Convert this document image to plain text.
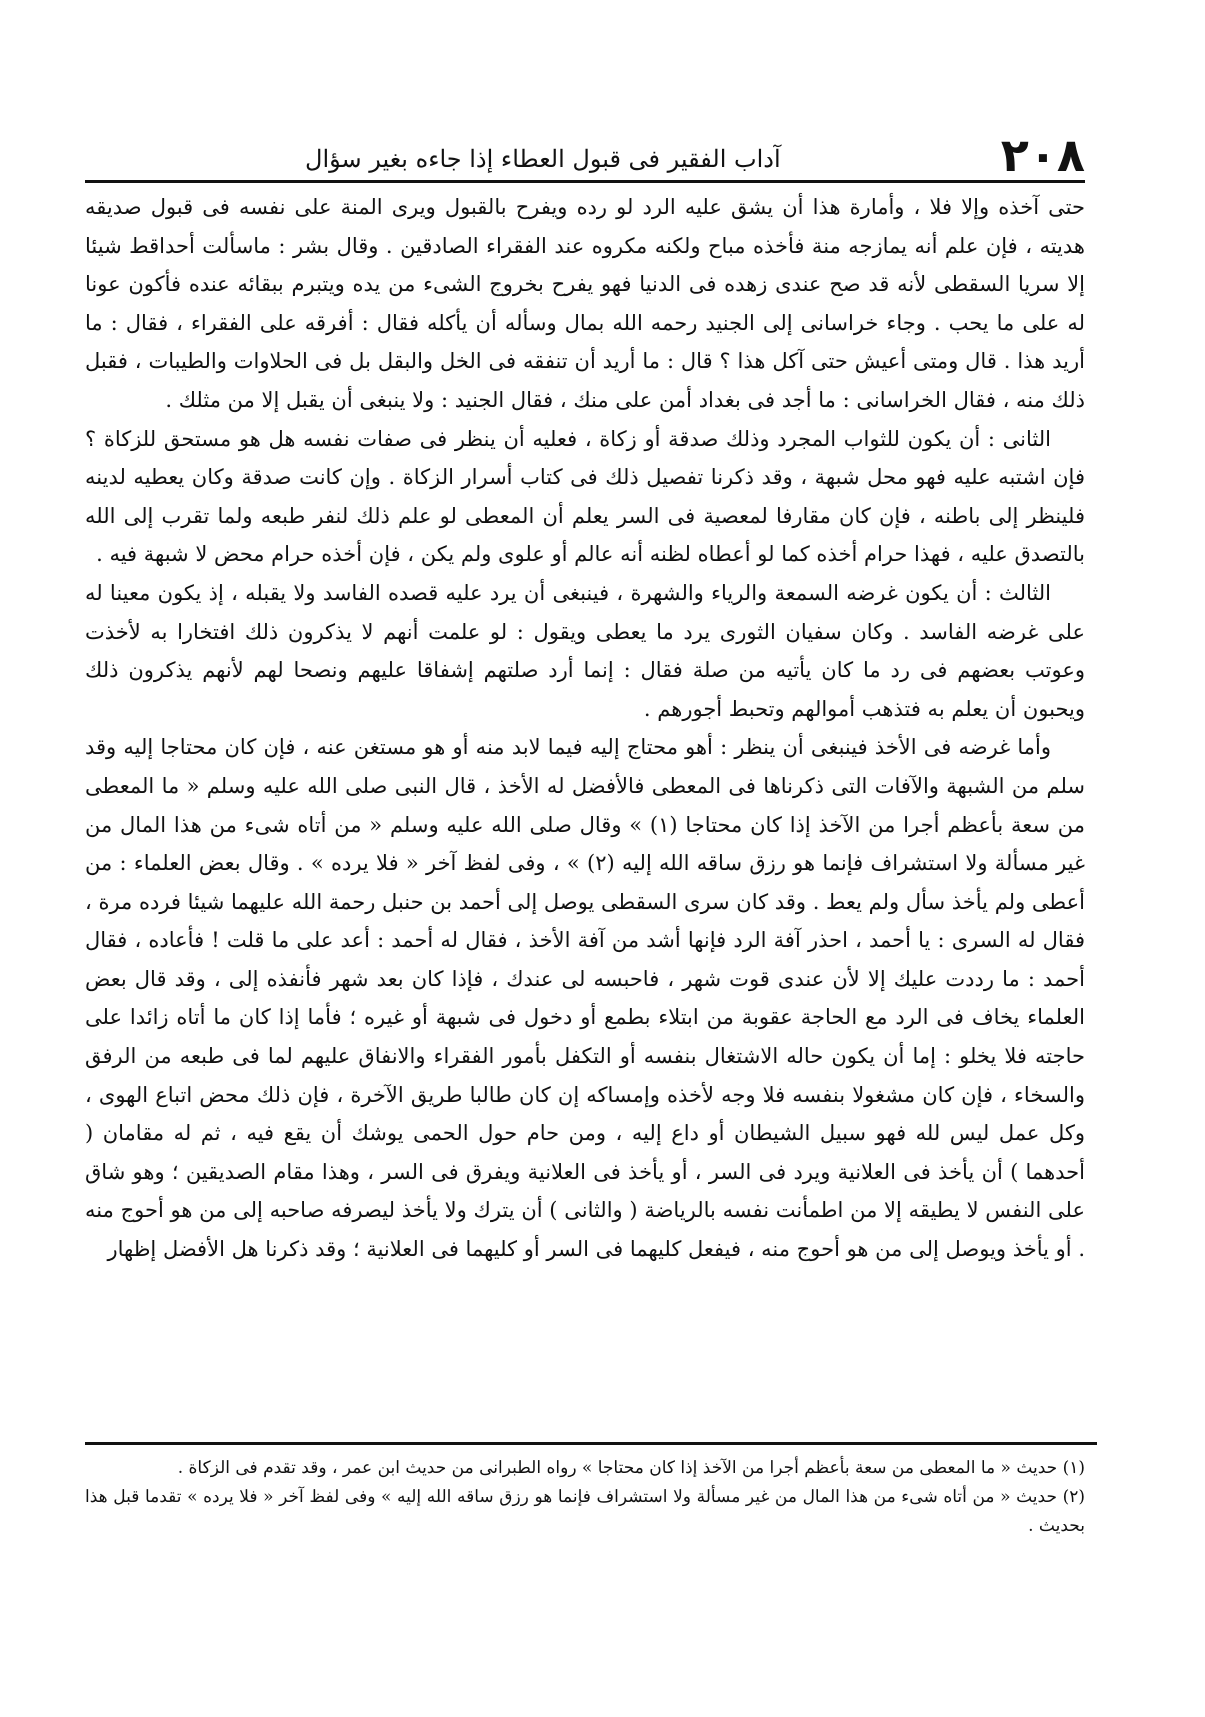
٢٠٨
آداب الفقير فى قبول العطاء إذا جاءه بغير سؤال

حتى آخذه وإلا فلا ، وأمارة هذا أن يشق عليه الرد لو رده ويفرح بالقبول ويرى المنة على نفسه فى قبول صديقه هديته ، فإن علم أنه يمازجه منة فأخذه مباح ولكنه مكروه عند الفقراء الصادقين . وقال بشر : ماسألت أحداقط شيئا إلا سريا السقطى لأنه قد صح عندى زهده فى الدنيا فهو يفرح بخروج الشىء من يده ويتبرم ببقائه عنده فأكون عونا له على ما يحب . وجاء خراسانى إلى الجنيد رحمه الله بمال وسأله أن يأكله فقال : أفرقه على الفقراء ، فقال : ما أريد هذا . قال ومتى أعيش حتى آكل هذا ؟ قال : ما أريد أن تنفقه فى الخل والبقل بل فى الحلاوات والطيبات ، فقبل ذلك منه ، فقال الخراسانى : ما أجد فى بغداد أمن على منك ، فقال الجنيد : ولا ينبغى أن يقبل إلا من مثلك .

الثانى : أن يكون للثواب المجرد وذلك صدقة أو زكاة ، فعليه أن ينظر فى صفات نفسه هل هو مستحق للزكاة ؟ فإن اشتبه عليه فهو محل شبهة ، وقد ذكرنا تفصيل ذلك فى كتاب أسرار الزكاة . وإن كانت صدقة وكان يعطيه لدينه فلينظر إلى باطنه ، فإن كان مقارفا لمعصية فى السر يعلم أن المعطى لو علم ذلك لنفر طبعه ولما تقرب إلى الله بالتصدق عليه ، فهذا حرام أخذه كما لو أعطاه لظنه أنه عالم أو علوى ولم يكن ، فإن أخذه حرام محض لا شبهة فيه .

الثالث : أن يكون غرضه السمعة والرياء والشهرة ، فينبغى أن يرد عليه قصده الفاسد ولا يقبله ، إذ يكون معينا له على غرضه الفاسد . وكان سفيان الثورى يرد ما يعطى ويقول : لو علمت أنهم لا يذكرون ذلك افتخارا به لأخذت وعوتب بعضهم فى رد ما كان يأتيه من صلة فقال : إنما أرد صلتهم إشفاقا عليهم ونصحا لهم لأنهم يذكرون ذلك ويحبون أن يعلم به فتذهب أموالهم وتحبط أجورهم .

وأما غرضه فى الأخذ فينبغى أن ينظر : أهو محتاج إليه فيما لابد منه أو هو مستغن عنه ، فإن كان محتاجا إليه وقد سلم من الشبهة والآفات التى ذكرناها فى المعطى فالأفضل له الأخذ ، قال النبى صلى الله عليه وسلم « ما المعطى من سعة بأعظم أجرا من الآخذ إذا كان محتاجا (١) » وقال صلى الله عليه وسلم « من أتاه شىء من هذا المال من غير مسألة ولا استشراف فإنما هو رزق ساقه الله إليه (٢) » ، وفى لفظ آخر « فلا يرده » . وقال بعض العلماء : من أعطى ولم يأخذ سأل ولم يعط . وقد كان سرى السقطى يوصل إلى أحمد بن حنبل رحمة الله عليهما شيئا فرده مرة ، فقال له السرى : يا أحمد ، احذر آفة الرد فإنها أشد من آفة الأخذ ، فقال له أحمد : أعد على ما قلت ! فأعاده ، فقال أحمد : ما رددت عليك إلا لأن عندى قوت شهر ، فاحبسه لى عندك ، فإذا كان بعد شهر فأنفذه إلى ، وقد قال بعض العلماء يخاف فى الرد مع الحاجة عقوبة من ابتلاء بطمع أو دخول فى شبهة أو غيره ؛ فأما إذا كان ما أتاه زائدا على حاجته فلا يخلو : إما أن يكون حاله الاشتغال بنفسه أو التكفل بأمور الفقراء والانفاق عليهم لما فى طبعه من الرفق والسخاء ، فإن كان مشغولا بنفسه فلا وجه لأخذه وإمساكه إن كان طالبا طريق الآخرة ، فإن ذلك محض اتباع الهوى ، وكل عمل ليس لله فهو سبيل الشيطان أو داع إليه ، ومن حام حول الحمى يوشك أن يقع فيه ، ثم له مقامان ( أحدهما ) أن يأخذ فى العلانية ويرد فى السر ، أو يأخذ فى العلانية ويفرق فى السر ، وهذا مقام الصديقين ؛ وهو شاق على النفس لا يطيقه إلا من اطمأنت نفسه بالرياضة ( والثانى ) أن يترك ولا يأخذ ليصرفه صاحبه إلى من هو أحوج منه . أو يأخذ ويوصل إلى من هو أحوج منه ، فيفعل كليهما فى السر أو كليهما فى العلانية ؛ وقد ذكرنا هل الأفضل إظهار

(١) حديث « ما المعطى من سعة بأعظم أجرا من الآخذ إذا كان محتاجا » رواه الطبرانى من حديث ابن عمر ، وقد تقدم فى الزكاة .

(٢) حديث « من أتاه شىء من هذا المال من غير مسألة ولا استشراف فإنما هو رزق ساقه الله إليه » وفى لفظ آخر « فلا يرده » تقدما قبل هذا بحديث .
